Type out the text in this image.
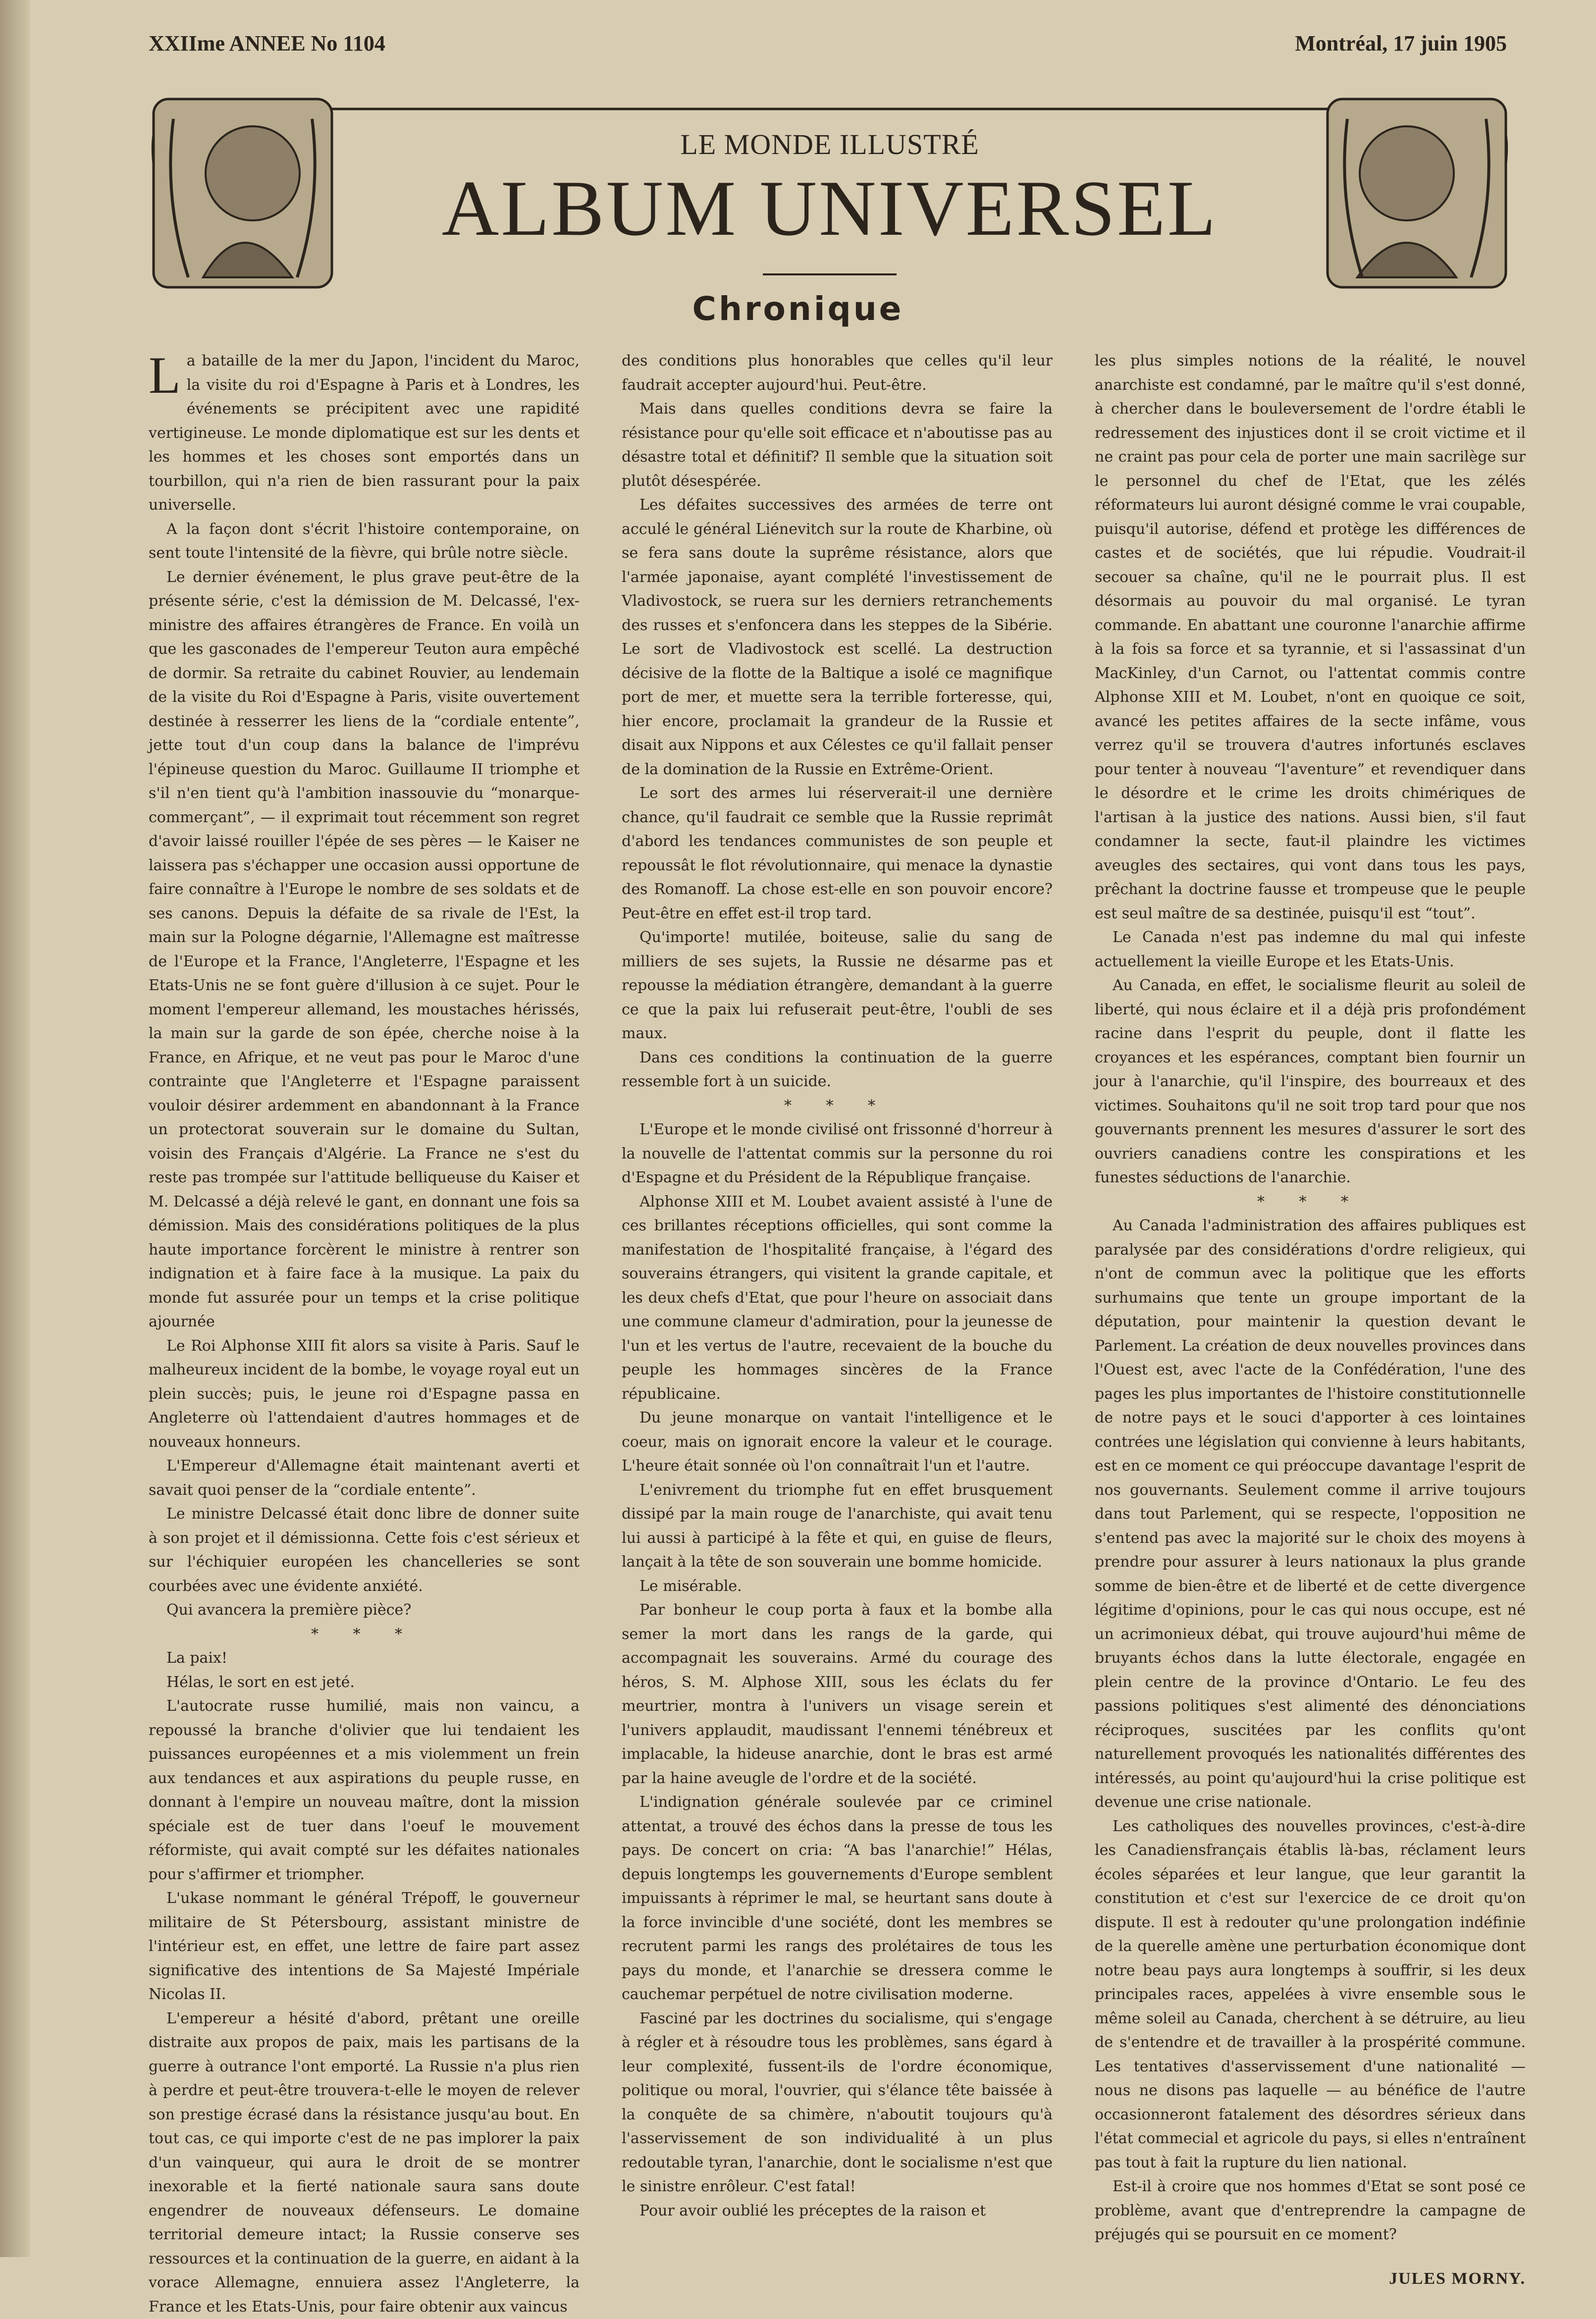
XXIIme ANNEE No 1104	Montréal, 17 juin 1905
LE MONDE ILLUSTRÉ
ALBUM UNIVERSEL
Chronique

La bataille de la mer du Japon, l'incident du Maroc, la visite du roi d'Espagne à Paris et à Londres, les événements se précipitent avec une rapidité vertigineuse. Le monde diplomatique est sur les dents et les hommes et les choses sont emportés dans un tourbillon, qui n'a rien de bien rassurant pour la paix universelle.

A la façon dont s'écrit l'histoire contemporaine, on sent toute l'intensité de la fièvre, qui brûle notre siècle.

Le dernier événement, le plus grave peut-être de la présente série, c'est la démission de M. Delcassé, l'ex-ministre des affaires étrangères de France. En voilà un que les gasconades de l'empereur Teuton aura empêché de dormir. Sa retraite du cabinet Rouvier, au lendemain de la visite du Roi d'Espagne à Paris, visite ouvertement destinée à resserrer les liens de la “cordiale entente”, jette tout d'un coup dans la balance de l'imprévu l'épineuse question du Maroc. Guillaume II triomphe et s'il n'en tient qu'à l'ambition inassouvie du “monarque-commerçant”, — il exprimait tout récemment son regret d'avoir laissé rouiller l'épée de ses pères — le Kaiser ne laissera pas s'échapper une occasion aussi opportune de faire connaître à l'Europe le nombre de ses soldats et de ses canons. Depuis la défaite de sa rivale de l'Est, la main sur la Pologne dégarnie, l'Allemagne est maîtresse de l'Europe et la France, l'Angleterre, l'Espagne et les Etats-Unis ne se font guère d'illusion à ce sujet. Pour le moment l'empereur allemand, les moustaches hérissés, la main sur la garde de son épée, cherche noise à la France, en Afrique, et ne veut pas pour le Maroc d'une contrainte que l'Angleterre et l'Espagne paraissent vouloir désirer ardemment en abandonnant à la France un protectorat souverain sur le domaine du Sultan, voisin des Français d'Algérie. La France ne s'est du reste pas trompée sur l'attitude belliqueuse du Kaiser et M. Delcassé a déjà relevé le gant, en donnant une fois sa démission. Mais des considérations politiques de la plus haute importance forcèrent le ministre à rentrer son indignation et à faire face à la musique. La paix du monde fut assurée pour un temps et la crise politique ajournée

Le Roi Alphonse XIII fit alors sa visite à Paris. Sauf le malheureux incident de la bombe, le voyage royal eut un plein succès; puis, le jeune roi d'Espagne passa en Angleterre où l'attendaient d'autres hommages et de nouveaux honneurs.

L'Empereur d'Allemagne était maintenant averti et savait quoi penser de la “cordiale entente”.

Le ministre Delcassé était donc libre de donner suite à son projet et il démissionna. Cette fois c'est sérieux et sur l'échiquier européen les chancelleries se sont courbées avec une évidente anxiété.

Qui avancera la première pièce?

* * *

La paix!

Hélas, le sort en est jeté.

L'autocrate russe humilié, mais non vaincu, a repoussé la branche d'olivier que lui tendaient les puissances européennes et a mis violemment un frein aux tendances et aux aspirations du peuple russe, en donnant à l'empire un nouveau maître, dont la mission spéciale est de tuer dans l'oeuf le mouvement réformiste, qui avait compté sur les défaites nationales pour s'affirmer et triompher.

L'ukase nommant le général Trépoff, le gouverneur militaire de St Pétersbourg, assistant ministre de l'intérieur est, en effet, une lettre de faire part assez significative des intentions de Sa Majesté Impériale Nicolas II.

L'empereur a hésité d'abord, prêtant une oreille distraite aux propos de paix, mais les partisans de la guerre à outrance l'ont emporté. La Russie n'a plus rien à perdre et peut-être trouvera-t-elle le moyen de relever son prestige écrasé dans la résistance jusqu'au bout. En tout cas, ce qui importe c'est de ne pas implorer la paix d'un vainqueur, qui aura le droit de se montrer inexorable et la fierté nationale saura sans doute engendrer de nouveaux défenseurs. Le domaine territorial demeure intact; la Russie conserve ses ressources et la continuation de la guerre, en aidant à la vorace Allemagne, ennuiera assez l'Angleterre, la France et les Etats-Unis, pour faire obtenir aux vaincus

des conditions plus honorables que celles qu'il leur faudrait accepter aujourd'hui. Peut-être.

Mais dans quelles conditions devra se faire la résistance pour qu'elle soit efficace et n'aboutisse pas au désastre total et définitif? Il semble que la situation soit plutôt désespérée.

Les défaites successives des armées de terre ont acculé le général Liénevitch sur la route de Kharbine, où se fera sans doute la suprême résistance, alors que l'armée japonaise, ayant complété l'investissement de Vladivostock, se ruera sur les derniers retranchements des russes et s'enfoncera dans les steppes de la Sibérie. Le sort de Vladivostock est scellé. La destruction décisive de la flotte de la Baltique a isolé ce magnifique port de mer, et muette sera la terrible forteresse, qui, hier encore, proclamait la grandeur de la Russie et disait aux Nippons et aux Célestes ce qu'il fallait penser de la domination de la Russie en Extrême-Orient.

Le sort des armes lui réserverait-il une dernière chance, qu'il faudrait ce semble que la Russie reprimât d'abord les tendances communistes de son peuple et repoussât le flot révolutionnaire, qui menace la dynastie des Romanoff. La chose est-elle en son pouvoir encore? Peut-être en effet est-il trop tard.

Qu'importe! mutilée, boiteuse, salie du sang de milliers de ses sujets, la Russie ne désarme pas et repousse la médiation étrangère, demandant à la guerre ce que la paix lui refuserait peut-être, l'oubli de ses maux.

Dans ces conditions la continuation de la guerre ressemble fort à un suicide.

* * *

L'Europe et le monde civilisé ont frissonné d'horreur à la nouvelle de l'attentat commis sur la personne du roi d'Espagne et du Président de la République française.

Alphonse XIII et M. Loubet avaient assisté à l'une de ces brillantes réceptions officielles, qui sont comme la manifestation de l'hospitalité française, à l'égard des souverains étrangers, qui visitent la grande capitale, et les deux chefs d'Etat, que pour l'heure on associait dans une commune clameur d'admiration, pour la jeunesse de l'un et les vertus de l'autre, recevaient de la bouche du peuple les hommages sincères de la France républicaine.

Du jeune monarque on vantait l'intelligence et le coeur, mais on ignorait encore la valeur et le courage. L'heure était sonnée où l'on connaîtrait l'un et l'autre.

L'enivrement du triomphe fut en effet brusquement dissipé par la main rouge de l'anarchiste, qui avait tenu lui aussi à participé à la fête et qui, en guise de fleurs, lançait à la tête de son souverain une bomme homicide.

Le misérable.

Par bonheur le coup porta à faux et la bombe alla semer la mort dans les rangs de la garde, qui accompagnait les souverains. Armé du courage des héros, S. M. Alphose XIII, sous les éclats du fer meurtrier, montra à l'univers un visage serein et l'univers applaudit, maudissant l'ennemi ténébreux et implacable, la hideuse anarchie, dont le bras est armé par la haine aveugle de l'ordre et de la société.

L'indignation générale soulevée par ce criminel attentat, a trouvé des échos dans la presse de tous les pays. De concert on cria: “A bas l'anarchie!” Hélas, depuis longtemps les gouvernements d'Europe semblent impuissants à réprimer le mal, se heurtant sans doute à la force invincible d'une société, dont les membres se recrutent parmi les rangs des prolétaires de tous les pays du monde, et l'anarchie se dressera comme le cauchemar perpétuel de notre civilisation moderne.

Fasciné par les doctrines du socialisme, qui s'engage à régler et à résoudre tous les problèmes, sans égard à leur complexité, fussent-ils de l'ordre économique, politique ou moral, l'ouvrier, qui s'élance tête baissée à la conquête de sa chimère, n'aboutit toujours qu'à l'asservissement de son individualité à un plus redoutable tyran, l'anarchie, dont le socialisme n'est que le sinistre enrôleur. C'est fatal!

Pour avoir oublié les préceptes de la raison et

les plus simples notions de la réalité, le nouvel anarchiste est condamné, par le maître qu'il s'est donné, à chercher dans le bouleversement de l'ordre établi le redressement des injustices dont il se croit victime et il ne craint pas pour cela de porter une main sacrilège sur le personnel du chef de l'Etat, que les zélés réformateurs lui auront désigné comme le vrai coupable, puisqu'il autorise, défend et protège les différences de castes et de sociétés, que lui répudie. Voudrait-il secouer sa chaîne, qu'il ne le pourrait plus. Il est désormais au pouvoir du mal organisé. Le tyran commande. En abattant une couronne l'anarchie affirme à la fois sa force et sa tyrannie, et si l'assassinat d'un MacKinley, d'un Carnot, ou l'attentat commis contre Alphonse XIII et M. Loubet, n'ont en quoique ce soit, avancé les petites affaires de la secte infâme, vous verrez qu'il se trouvera d'autres infortunés esclaves pour tenter à nouveau “l'aventure” et revendiquer dans le désordre et le crime les droits chimériques de l'artisan à la justice des nations. Aussi bien, s'il faut condamner la secte, faut-il plaindre les victimes aveugles des sectaires, qui vont dans tous les pays, prêchant la doctrine fausse et trompeuse que le peuple est seul maître de sa destinée, puisqu'il est “tout”.

Le Canada n'est pas indemne du mal qui infeste actuellement la vieille Europe et les Etats-Unis.

Au Canada, en effet, le socialisme fleurit au soleil de liberté, qui nous éclaire et il a déjà pris profondément racine dans l'esprit du peuple, dont il flatte les croyances et les espérances, comptant bien fournir un jour à l'anarchie, qu'il l'inspire, des bourreaux et des victimes. Souhaitons qu'il ne soit trop tard pour que nos gouvernants prennent les mesures d'assurer le sort des ouvriers canadiens contre les conspirations et les funestes séductions de l'anarchie.

* * *

Au Canada l'administration des affaires publiques est paralysée par des considérations d'ordre religieux, qui n'ont de commun avec la politique que les efforts surhumains que tente un groupe important de la députation, pour maintenir la question devant le Parlement. La création de deux nouvelles provinces dans l'Ouest est, avec l'acte de la Confédération, l'une des pages les plus importantes de l'histoire constitutionnelle de notre pays et le souci d'apporter à ces lointaines contrées une législation qui convienne à leurs habitants, est en ce moment ce qui préoccupe davantage l'esprit de nos gouvernants. Seulement comme il arrive toujours dans tout Parlement, qui se respecte, l'opposition ne s'entend pas avec la majorité sur le choix des moyens à prendre pour assurer à leurs nationaux la plus grande somme de bien-être et de liberté et de cette divergence légitime d'opinions, pour le cas qui nous occupe, est né un acrimonieux débat, qui trouve aujourd'hui même de bruyants échos dans la lutte électorale, engagée en plein centre de la province d'Ontario. Le feu des passions politiques s'est alimenté des dénonciations réciproques, suscitées par les conflits qu'ont naturellement provoqués les nationalités différentes des intéressés, au point qu'aujourd'hui la crise politique est devenue une crise nationale.

Les catholiques des nouvelles provinces, c'est-à-dire les Canadiensfrançais établis là-bas, réclament leurs écoles séparées et leur langue, que leur garantit la constitution et c'est sur l'exercice de ce droit qu'on dispute. Il est à redouter qu'une prolongation indéfinie de la querelle amène une perturbation économique dont notre beau pays aura longtemps à souffrir, si les deux principales races, appelées à vivre ensemble sous le même soleil au Canada, cherchent à se détruire, au lieu de s'entendre et de travailler à la prospérité commune. Les tentatives d'asservissement d'une nationalité — nous ne disons pas laquelle — au bénéfice de l'autre occasionneront fatalement des désordres sérieux dans l'état commecial et agricole du pays, si elles n'entraînent pas tout à fait la rupture du lien national.

Est-il à croire que nos hommes d'Etat se sont posé ce problème, avant que d'entreprendre la campagne de préjugés qui se poursuit en ce moment?

JULES MORNY.
